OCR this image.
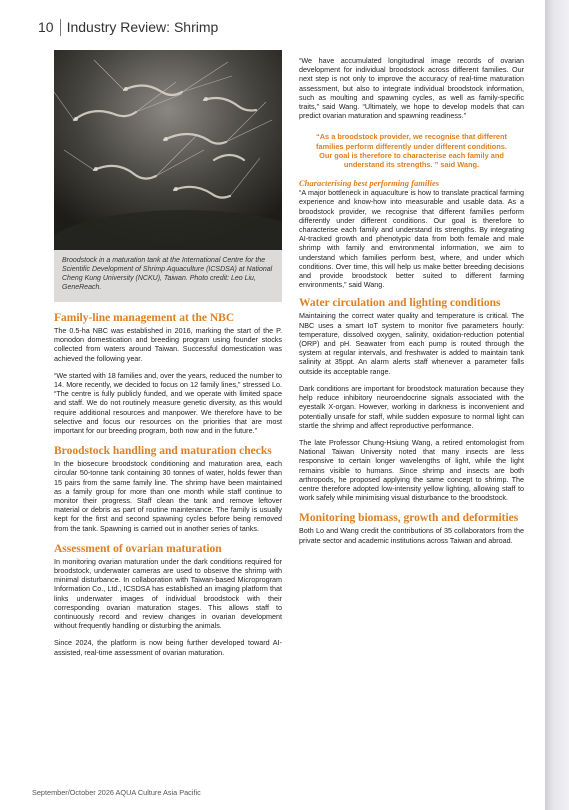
10 Industry Review: Shrimp
Broodstock in a maturation tank at the International Centre for the Scientific Development of Shrimp Aquaculture (ICSDSA) at National Cheng Kung University (NCKU), Taiwan. Photo credit: Leo Liu, GeneReach.
Family-line management at the NBC

The 0.5-ha NBC was established in 2016, marking the start of the P. monodon domestication and breeding program using founder stocks collected from waters around Taiwan. Successful domestication was achieved the following year.

“We started with 18 families and, over the years, reduced the number to 14. More recently, we decided to focus on 12 family lines,” stressed Lo. “The centre is fully publicly funded, and we operate with limited space and staff. We do not routinely measure genetic diversity, as this would require additional resources and manpower. We therefore have to be selective and focus our resources on the priorities that are most important for our breeding program, both now and in the future.”

Broodstock handling and maturation checks

In the biosecure broodstock conditioning and maturation area, each circular 50-tonne tank containing 30 tonnes of water, holds fewer than 15 pairs from the same family line. The shrimp have been maintained as a family group for more than one month while staff continue to monitor their progress. Staff clean the tank and remove leftover material or debris as part of routine maintenance. The family is usually kept for the first and second spawning cycles before being removed from the tank. Spawning is carried out in another series of tanks.

Assessment of ovarian maturation

In monitoring ovarian maturation under the dark conditions required for broodstock, underwater cameras are used to observe the shrimp with minimal disturbance. In collaboration with Taiwan-based Microprogram Information Co., Ltd., ICSDSA has established an imaging platform that links underwater images of individual broodstock with their corresponding ovarian maturation stages. This allows staff to continuously record and review changes in ovarian development without frequently handling or disturbing the animals.

Since 2024, the platform is now being further developed toward AI-assisted, real-time assessment of ovarian maturation.

“We have accumulated longitudinal image records of ovarian development for individual broodstock across different families. Our next step is not only to improve the accuracy of real-time maturation assessment, but also to integrate individual broodstock information, such as moulting and spawning cycles, as well as family-specific traits,” said Wang. “Ultimately, we hope to develop models that can predict ovarian maturation and spawning readiness.”

“As a broodstock provider, we recognise that different families perform differently under different conditions. Our goal is therefore to characterise each family and understand its strengths. ” said Wang.
Characterising best performing families

“A major bottleneck in aquaculture is how to translate practical farming experience and know-how into measurable and usable data. As a broodstock provider, we recognise that different families perform differently under different conditions. Our goal is therefore to characterise each family and understand its strengths. By integrating AI-tracked growth and phenotypic data from both female and male shrimp with family and environmental information, we aim to understand which families perform best, where, and under which conditions. Over time, this will help us make better breeding decisions and provide broodstock better suited to different farming environments,” said Wang.

Water circulation and lighting conditions

Maintaining the correct water quality and temperature is critical. The NBC uses a smart IoT system to monitor five parameters hourly: temperature, dissolved oxygen, salinity, oxidation-reduction potential (ORP) and pH. Seawater from each pump is routed through the system at regular intervals, and freshwater is added to maintain tank salinity at 35ppt. An alarm alerts staff whenever a parameter falls outside its acceptable range.

Dark conditions are important for broodstock maturation because they help reduce inhibitory neuroendocrine signals associated with the eyestalk X-organ. However, working in darkness is inconvenient and potentially unsafe for staff, while sudden exposure to normal light can startle the shrimp and affect reproductive performance.

The late Professor Chung-Hsiung Wang, a retired entomologist from National Taiwan University noted that many insects are less responsive to certain longer wavelengths of light, while the light remains visible to humans. Since shrimp and insects are both arthropods, he proposed applying the same concept to shrimp. The centre therefore adopted low-intensity yellow lighting, allowing staff to work safely while minimising visual disturbance to the broodstock.

Monitoring biomass, growth and deformities

Both Lo and Wang credit the contributions of 35 collaborators from the private sector and academic institutions across Taiwan and abroad.

September/October 2026 AQUA Culture Asia Pacific
